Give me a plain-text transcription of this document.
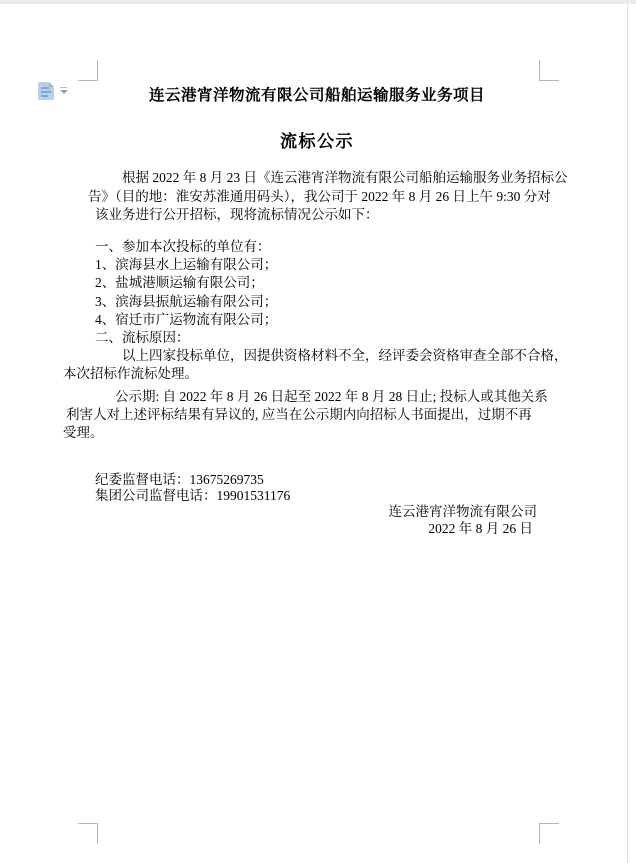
连云港宵洋物流有限公司船舶运输服务业务项目
流标公示
根据 2022 年 8 月 23 日《连云港宵洋物流有限公司船舶运输服务业务招标公
告》（目的地：淮安苏淮通用码头），我公司于 2022 年 8 月 26 日上午 9:30 分对
该业务进行公开招标，现将流标情况公示如下：
一、参加本次投标的单位有：
1、滨海县水上运输有限公司；
2、盐城港顺运输有限公司；
3、滨海县振航运输有限公司；
4、宿迁市广运物流有限公司；
二、流标原因：
以上四家投标单位，因提供资格材料不全，经评委会资格审查全部不合格，
本次招标作流标处理。
公示期: 自 2022 年 8 月 26 日起至 2022 年 8 月 28 日止; 投标人或其他关系
利害人对上述评标结果有异议的, 应当在公示期内向招标人书面提出，过期不再
受理。
纪委监督电话：13675269735
集团公司监督电话：19901531176
连云港宵洋物流有限公司
2022 年 8 月 26 日
